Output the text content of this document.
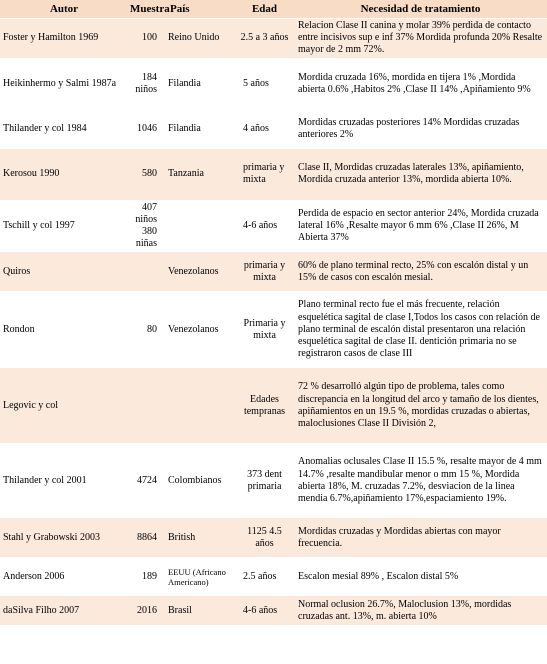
Autor	Muestra	País	Edad	Necesidad de tratamiento
Foster y Hamilton 1969	100	Reino Unido	2.5 a 3 años	Relacion Clase II canina y molar 39% perdida de contacto entre incisivos sup e inf 37% Mordida profunda 20% Resalte mayor de 2 mm 72%.
Heikinhermo y Salmi 1987a	184 niños	Filandia	5 años	Mordida cruzada 16%, mordida en tijera 1% ,Mordida abierta 0.6% ,Habitos 2% ,Clase II 14% ,Apiñamiento 9%
Thilander y col 1984	1046	Filandia	4 años	Mordidas cruzadas posteriores 14% Mordidas cruzadas anteriores 2%
Kerosou 1990	580	Tanzania	primaria y mixta	Clase II, Mordidas cruzadas laterales 13%, apiñamiento, Mordida cruzada anterior 13%, mordida abierta 10%.
Tschill y col 1997	407 niños 380 niñas		4-6 años	Perdida de espacio en sector anterior 24%, Mordida cruzada lateral 16% ,Resalte mayor 6 mm 6% ,Clase II 26%, M Abierta 37%
Quiros		Venezolanos	primaria y mixta	60% de plano terminal recto, 25% con escalón distal y un 15% de casos con escalón mesial.
Rondon	80	Venezolanos	Primaria y mixta	Plano terminal recto fue el más frecuente, relación esquelética sagital de clase I,Todos los casos con relación de plano terminal de escalón distal presentaron una relación esquelética sagital de clase II. dentición primaria no se registraron casos de clase III
Legovic y col			Edades tempranas	72 % desarrolló algún tipo de problema, tales como discrepancia en la longitud del arco y tamaño de los dientes, apiñamientos en un 19.5 %, mordidas cruzadas o abiertas, maloclusiones Clase II División 2,
Thilander y col 2001	4724	Colombianos	373 dent primaria	Anomalias oclusales Clase II 15.5 %, resalte mayor de 4 mm 14.7% ,resalte mandibular menor o mm 15 %, Mordida abierta 18%, M. cruzadas 7.2%, desviacion de la linea mendia 6.7%,apiñamiento 17%,espaciamiento 19%.
Stahl y Grabowski 2003	8864	British	1125 4.5 años	Mordidas cruzadas y Mordidas abiertas con mayor frecuencia.
Anderson 2006	189	EEUU (Africano Americano)	2.5 años	Escalon mesial 89% , Escalon distal 5%
daSilva Filho 2007	2016	Brasil	4-6 años	Normal oclusion 26.7%, Maloclusion 13%, mordidas cruzadas ant. 13%, m. abierta 10%
